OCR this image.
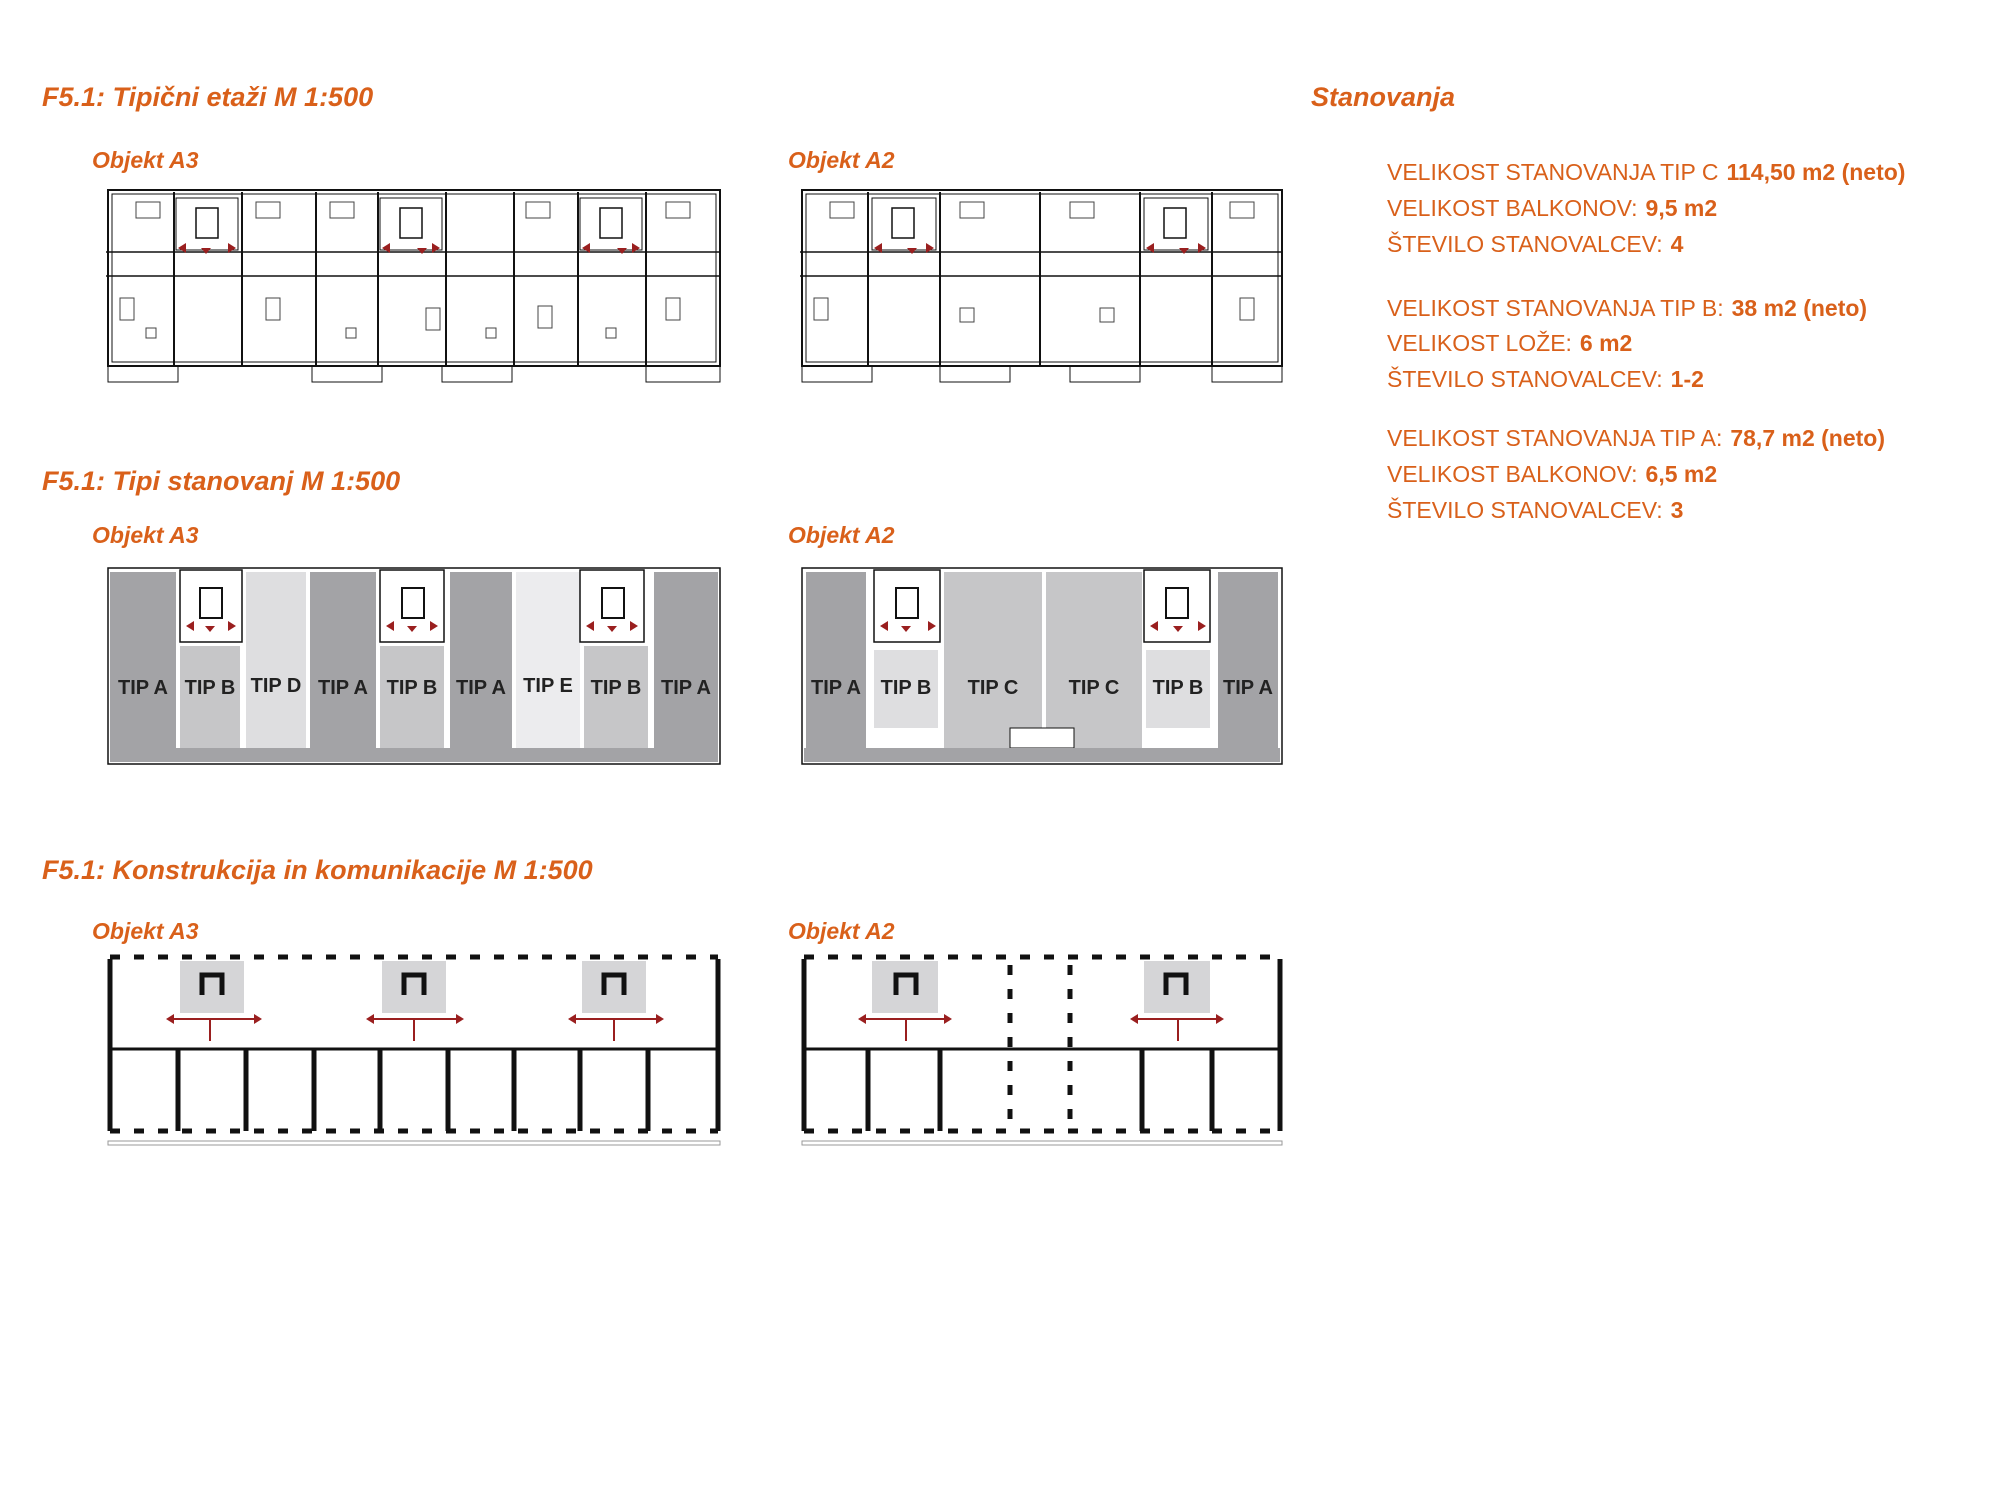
F5.1: Tipični etaži M 1:500
F5.1: Tipi stanovanj M 1:500
F5.1: Konstrukcija in komunikacije M 1:500
Stanovanja
Objekt A3	Objekt A2
Objekt A3	Objekt A2
Objekt A3	Objekt A2
VELIKOST STANOVANJA TIP C 114,50 m2 (neto)
VELIKOST BALKONOV: 9,5 m2
ŠTEVILO STANOVALCEV: 4
VELIKOST STANOVANJA TIP B: 38 m2 (neto)
VELIKOST LOŽE: 6 m2
ŠTEVILO STANOVALCEV: 1-2
VELIKOST STANOVANJA TIP A: 78,7 m2 (neto)
VELIKOST BALKONOV: 6,5 m2
ŠTEVILO STANOVALCEV: 3
TIP A TIP B TIP D TIP A TIP B TIP A TIP E TIP B TIP A	TIP A TIP B TIP C	TIP C TIP B TIP A
